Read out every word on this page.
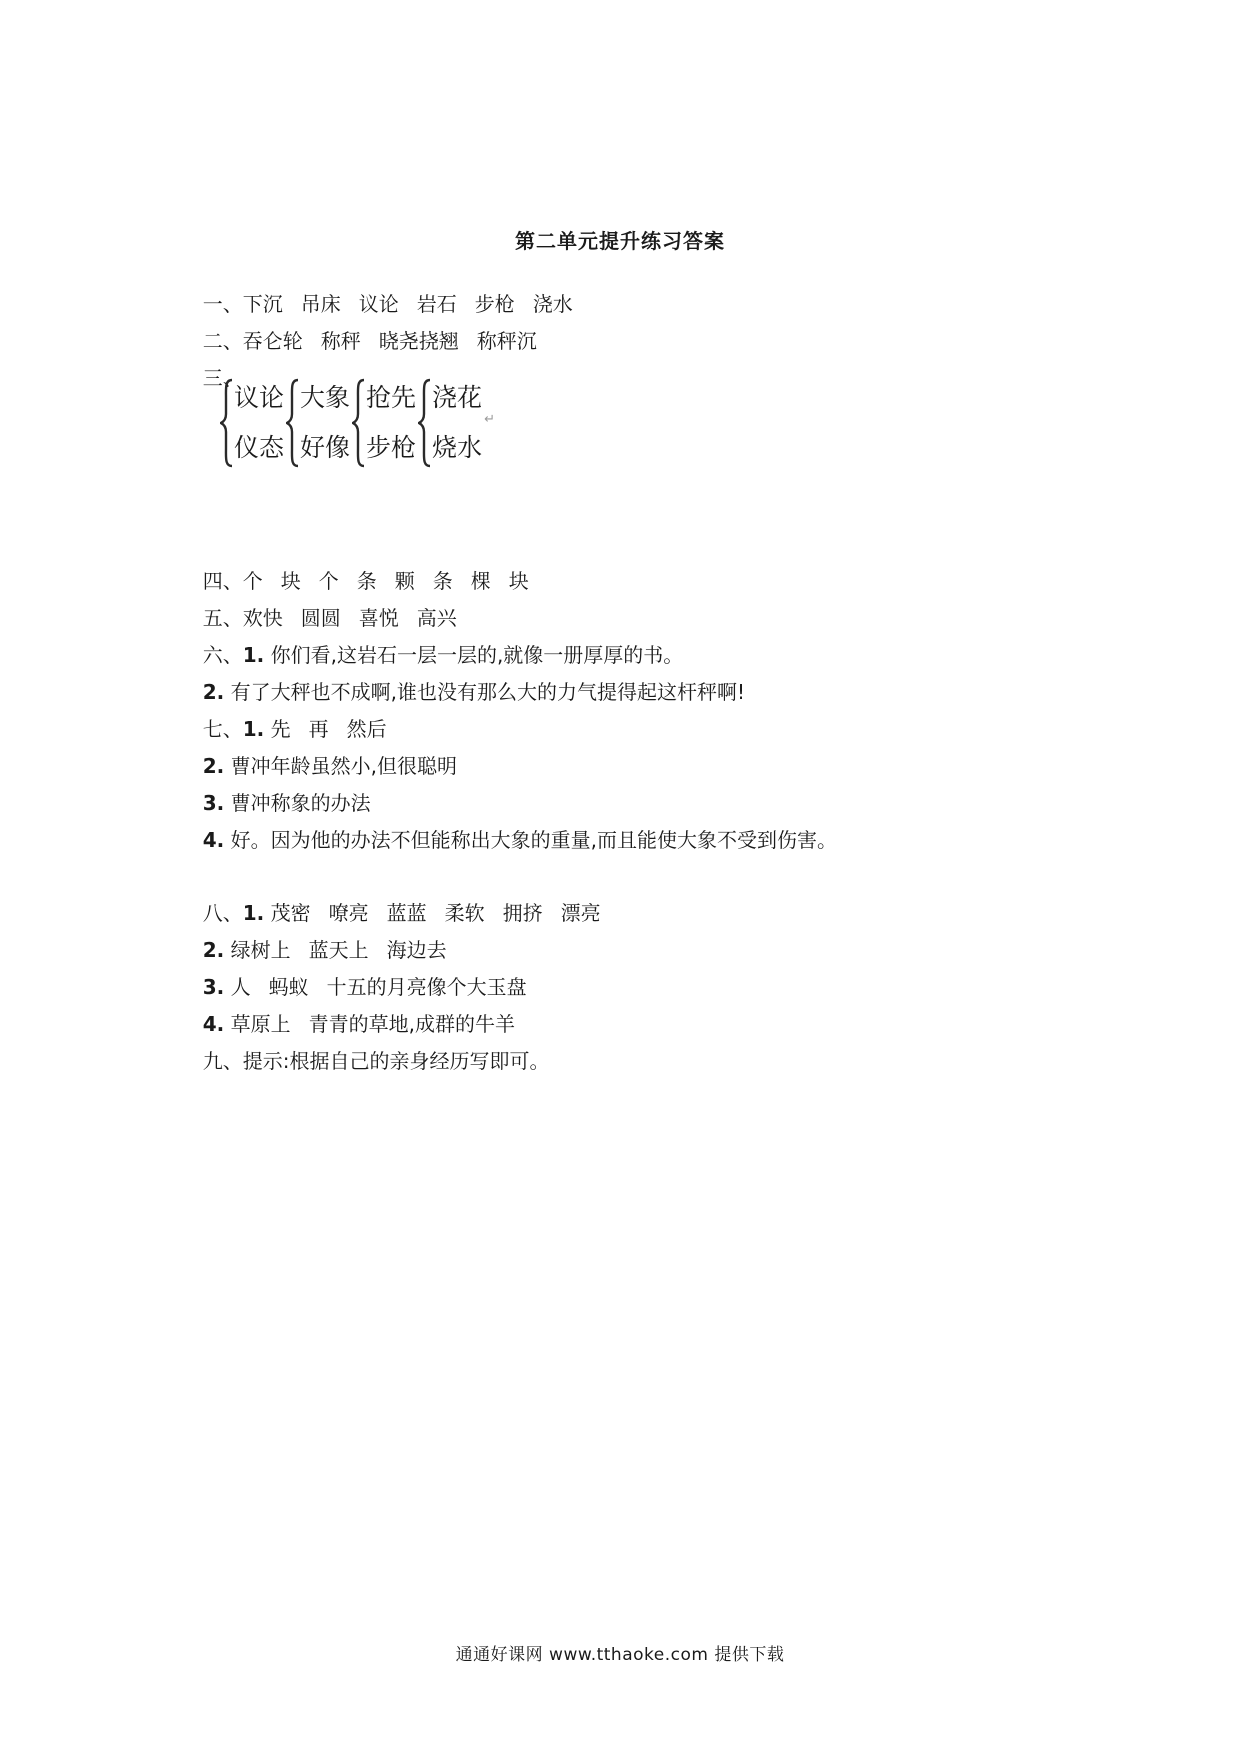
第二单元提升练习答案

一、下沉 吊床 议论 岩石 步枪 浇水

二、吞仑轮 称秤 晓尧挠翘 称秤沉

三、

议论
仪态
大象
好像
抢先
步枪
浇花
烧水
↵

四、个 块 个 条 颗 条 棵 块

五、欢快 圆圆 喜悦 高兴

六、1. 你们看,这岩石一层一层的,就像一册厚厚的书。

2. 有了大秤也不成啊,谁也没有那么大的力气提得起这杆秤啊!

七、1. 先 再 然后

2. 曹冲年龄虽然小,但很聪明

3. 曹冲称象的办法

4. 好。因为他的办法不但能称出大象的重量,而且能使大象不受到伤害。

八、1. 茂密 嘹亮 蓝蓝 柔软 拥挤 漂亮

2. 绿树上 蓝天上 海边去

3. 人 蚂蚁 十五的月亮像个大玉盘

4. 草原上 青青的草地,成群的牛羊

九、提示:根据自己的亲身经历写即可。

通通好课网 www.tthaoke.com 提供下载
